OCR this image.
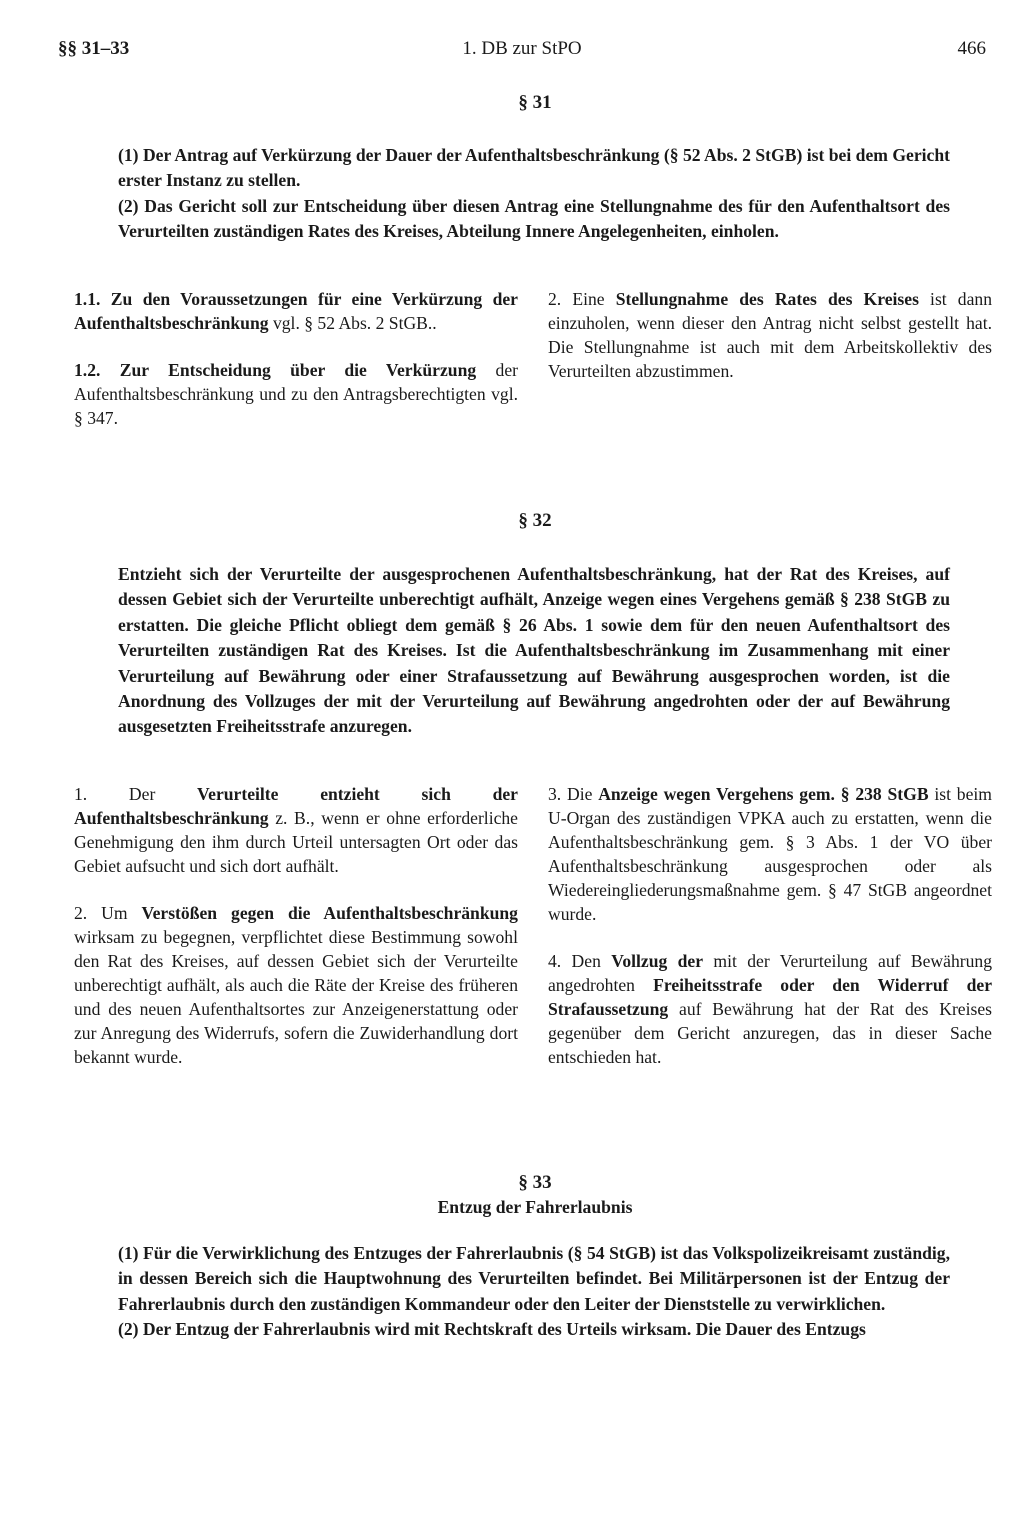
§§ 31–33	1. DB zur StPO	466
§ 31

(1) Der Antrag auf Verkürzung der Dauer der Aufenthaltsbeschränkung (§ 52 Abs. 2 StGB) ist bei dem Gericht erster Instanz zu stellen.

(2) Das Gericht soll zur Entscheidung über diesen Antrag eine Stellungnahme des für den Aufenthaltsort des Verurteilten zuständigen Rates des Kreises, Abteilung Innere Angelegenheiten, einholen.

1.1. Zu den Voraussetzungen für eine Verkürzung der Aufenthaltsbeschränkung vgl. § 52 Abs. 2 StGB..

1.2. Zur Entscheidung über die Verkürzung der Aufenthaltsbeschränkung und zu den Antragsberechtigten vgl. § 347.

2. Eine Stellungnahme des Rates des Kreises ist dann einzuholen, wenn dieser den Antrag nicht selbst gestellt hat. Die Stellungnahme ist auch mit dem Arbeitskollektiv des Verurteilten abzustimmen.

§ 32

Entzieht sich der Verurteilte der ausgesprochenen Aufenthaltsbeschränkung, hat der Rat des Kreises, auf dessen Gebiet sich der Verurteilte unberechtigt aufhält, Anzeige wegen eines Vergehens gemäß § 238 StGB zu erstatten. Die gleiche Pflicht obliegt dem gemäß § 26 Abs. 1 sowie dem für den neuen Aufenthaltsort des Verurteilten zuständigen Rat des Kreises. Ist die Aufenthaltsbeschränkung im Zusammenhang mit einer Verurteilung auf Bewährung oder einer Strafaussetzung auf Bewährung ausgesprochen worden, ist die Anordnung des Vollzuges der mit der Verurteilung auf Bewährung angedrohten oder der auf Bewährung ausgesetzten Freiheitsstrafe anzuregen.

1. Der Verurteilte entzieht sich der Aufenthaltsbeschränkung z. B., wenn er ohne erforderliche Genehmigung den ihm durch Urteil untersagten Ort oder das Gebiet aufsucht und sich dort aufhält.

2. Um Verstößen gegen die Aufenthaltsbeschränkung wirksam zu begegnen, verpflichtet diese Bestimmung sowohl den Rat des Kreises, auf dessen Gebiet sich der Verurteilte unberechtigt aufhält, als auch die Räte der Kreise des früheren und des neuen Aufenthaltsortes zur Anzeigenerstattung oder zur Anregung des Widerrufs, sofern die Zuwiderhandlung dort bekannt wurde.

3. Die Anzeige wegen Vergehens gem. § 238 StGB ist beim U-Organ des zuständigen VPKA auch zu erstatten, wenn die Aufenthaltsbeschränkung gem. § 3 Abs. 1 der VO über Aufenthaltsbeschränkung ausgesprochen oder als Wiedereingliederungsmaßnahme gem. § 47 StGB angeordnet wurde.

4. Den Vollzug der mit der Verurteilung auf Bewährung angedrohten Freiheitsstrafe oder den Widerruf der Strafaussetzung auf Bewährung hat der Rat des Kreises gegenüber dem Gericht anzuregen, das in dieser Sache entschieden hat.

§ 33
Entzug der Fahrerlaubnis

(1) Für die Verwirklichung des Entzuges der Fahrerlaubnis (§ 54 StGB) ist das Volkspolizeikreisamt zuständig, in dessen Bereich sich die Hauptwohnung des Verurteilten befindet. Bei Militärpersonen ist der Entzug der Fahrerlaubnis durch den zuständigen Kommandeur oder den Leiter der Dienststelle zu verwirklichen.

(2) Der Entzug der Fahrerlaubnis wird mit Rechtskraft des Urteils wirksam. Die Dauer des Entzugs
